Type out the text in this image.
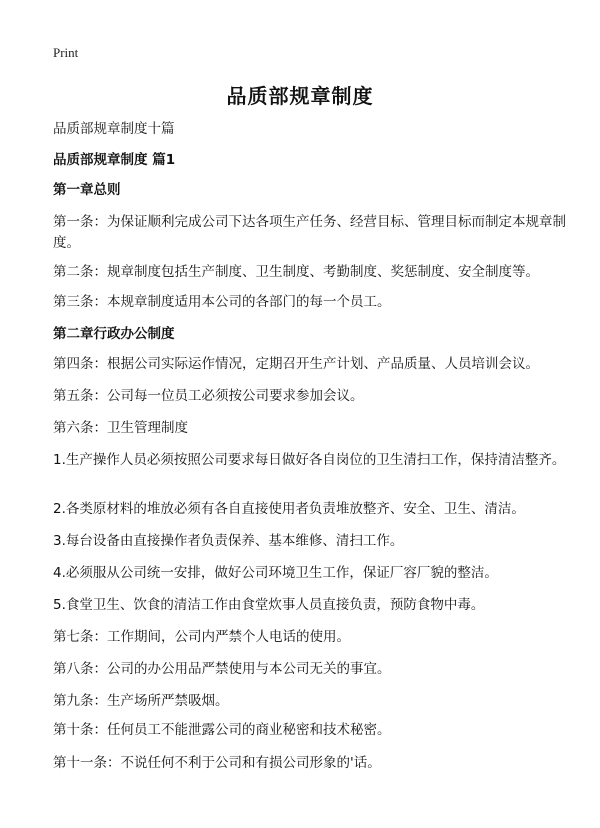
Print
品质部规章制度

品质部规章制度十篇

品质部规章制度 篇1

第一章总则

第一条：为保证顺利完成公司下达各项生产任务、经营目标、管理目标而制定本规章制度。

第二条：规章制度包括生产制度、卫生制度、考勤制度、奖惩制度、安全制度等。

第三条：本规章制度适用本公司的各部门的每一个员工。

第二章行政办公制度

第四条：根据公司实际运作情况，定期召开生产计划、产品质量、人员培训会议。

第五条：公司每一位员工必须按公司要求参加会议。

第六条：卫生管理制度

1.生产操作人员必须按照公司要求每日做好各自岗位的卫生清扫工作，保持清洁整齐。

2.各类原材料的堆放必须有各自直接使用者负责堆放整齐、安全、卫生、清洁。

3.每台设备由直接操作者负责保养、基本维修、清扫工作。

4.必须服从公司统一安排，做好公司环境卫生工作，保证厂容厂貌的整洁。

5.食堂卫生、饮食的清洁工作由食堂炊事人员直接负责，预防食物中毒。

第七条：工作期间，公司内严禁个人电话的使用。

第八条：公司的办公用品严禁使用与本公司无关的事宜。

第九条：生产场所严禁吸烟。

第十条：任何员工不能泄露公司的商业秘密和技术秘密。

第十一条：不说任何不利于公司和有损公司形象的'话。
